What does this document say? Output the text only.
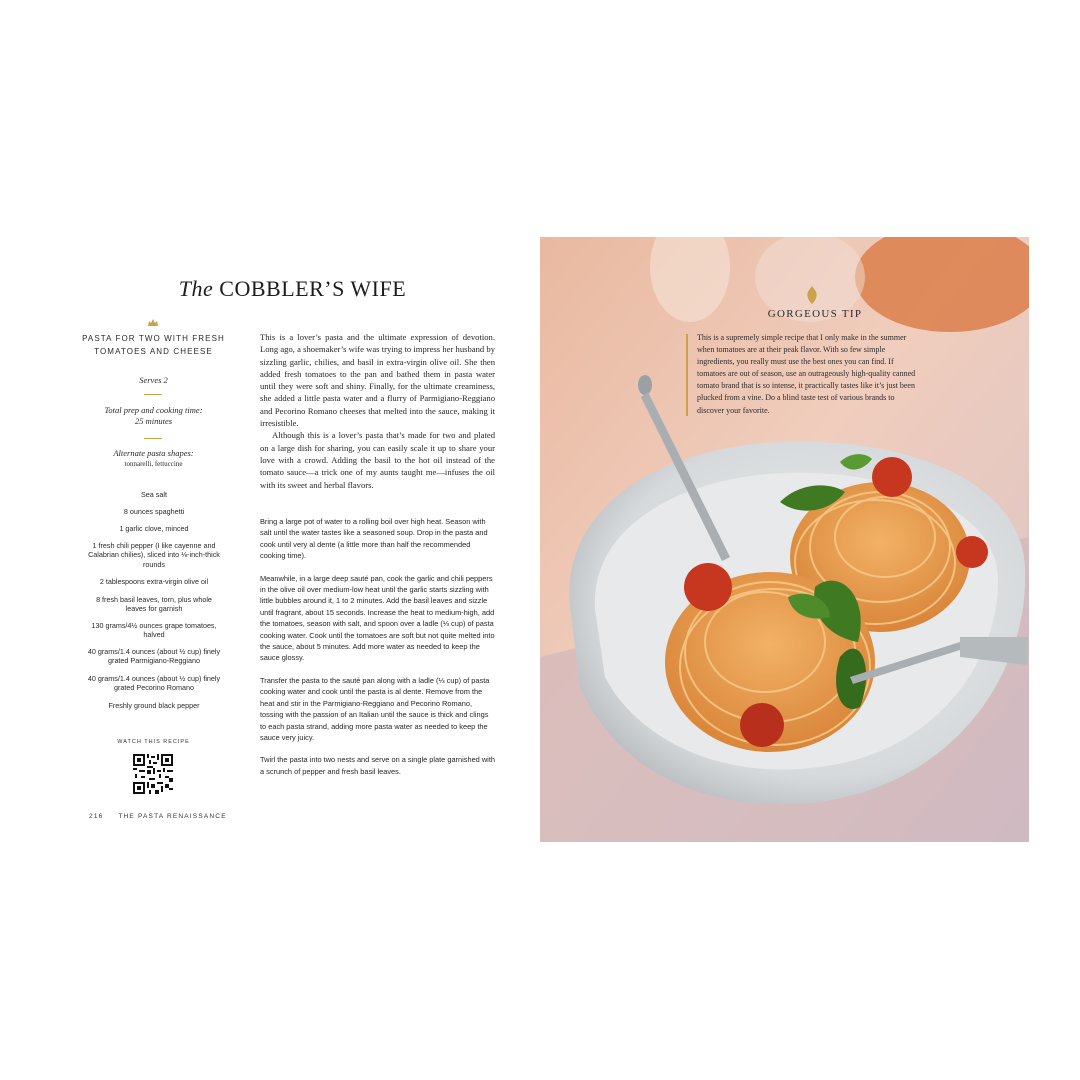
The COBBLER’S WIFE
PASTA FOR TWO WITH FRESH TOMATOES AND CHEESE
Serves 2
Total prep and cooking time:
25 minutes
Alternate pasta shapes:
tonnarelli, fettuccine
Sea salt
8 ounces spaghetti
1 garlic clove, minced
1 fresh chili pepper (I like cayenne and Calabrian chilies), sliced into ⅛-inch-thick rounds
2 tablespoons extra-virgin olive oil
8 fresh basil leaves, torn, plus whole leaves for garnish
130 grams/4½ ounces grape tomatoes, halved
40 grams/1.4 ounces (about ½ cup) finely grated Parmigiano-Reggiano
40 grams/1.4 ounces (about ½ cup) finely grated Pecorino Romano
Freshly ground black pepper
WATCH THIS RECIPE
216 THE PASTA RENAISSANCE

This is a lover’s pasta and the ultimate expression of devotion. Long ago, a shoemaker’s wife was trying to impress her husband by sizzling garlic, chilies, and basil in extra-virgin olive oil. She then added fresh tomatoes to the pan and bathed them in pasta water until they were soft and shiny. Finally, for the ultimate creaminess, she added a little pasta water and a flurry of Parmigiano-Reggiano and Pecorino Romano cheeses that melted into the sauce, making it irresistible.

Although this is a lover’s pasta that’s made for two and plated on a large dish for sharing, you can easily scale it up to share your love with a crowd. Adding the basil to the hot oil instead of the tomato sauce—a trick one of my aunts taught me—infuses the oil with its sweet and herbal flavors.

Bring a large pot of water to a rolling boil over high heat. Season with salt until the water tastes like a seasoned soup. Drop in the pasta and cook until very al dente (a little more than half the recommended cooking time).

Meanwhile, in a large deep sauté pan, cook the garlic and chili peppers in the olive oil over medium-low heat until the garlic starts sizzling with little bubbles around it, 1 to 2 minutes. Add the basil leaves and sizzle until fragrant, about 15 seconds. Increase the heat to medium-high, add the tomatoes, season with salt, and spoon over a ladle (⅓ cup) of pasta cooking water. Cook until the tomatoes are soft but not quite melted into the sauce, about 5 minutes. Add more water as needed to keep the sauce glossy.

Transfer the pasta to the sauté pan along with a ladle (⅓ cup) of pasta cooking water and cook until the pasta is al dente. Remove from the heat and stir in the Parmigiano-Reggiano and Pecorino Romano, tossing with the passion of an Italian until the sauce is thick and clings to each pasta strand, adding more pasta water as needed to keep the sauce very juicy.

Twirl the pasta into two nests and serve on a single plate garnished with a scrunch of pepper and fresh basil leaves.

GORGEOUS TIP
This is a supremely simple recipe that I only make in the summer when tomatoes are at their peak flavor. With so few simple ingredients, you really must use the best ones you can find. If tomatoes are out of season, use an outrageously high-quality canned tomato brand that is so intense, it practically tastes like it’s just been plucked from a vine. Do a blind taste test of various brands to discover your favorite.
